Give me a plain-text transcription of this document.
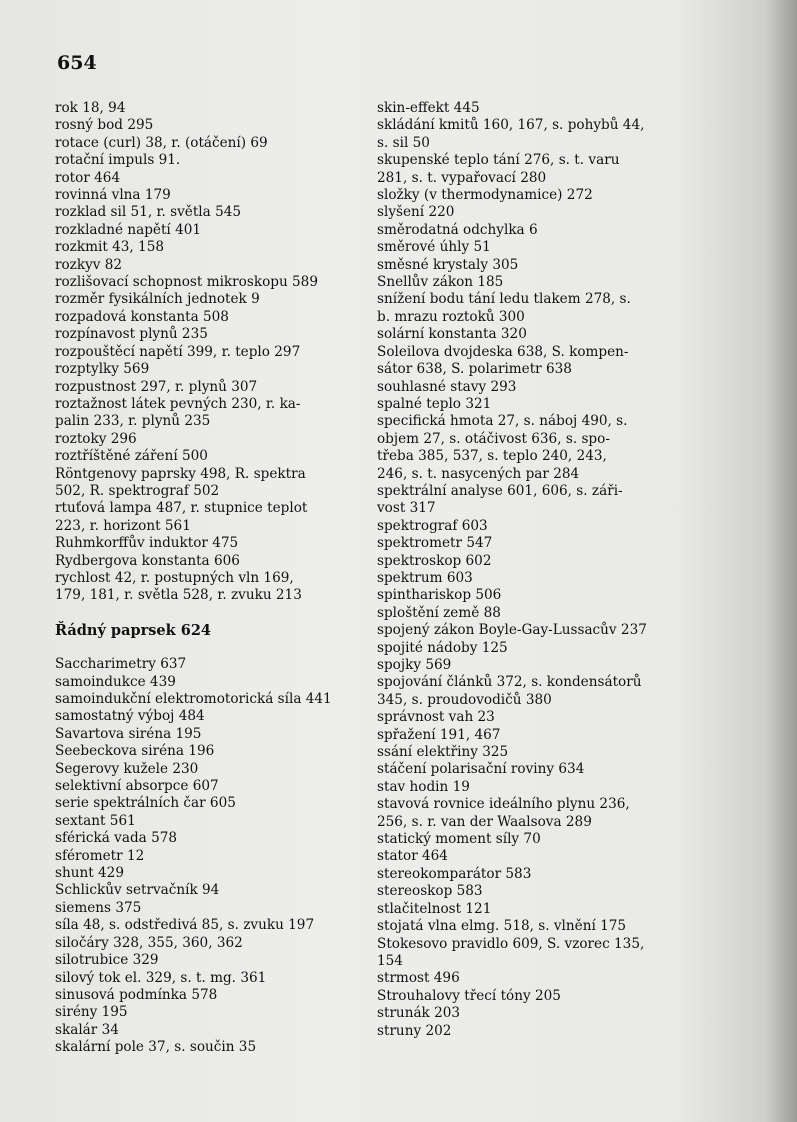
654
rok 18, 94
rosný bod 295
rotace (curl) 38, r. (otáčení) 69
rotační impuls 91.
rotor 464
rovinná vlna 179
rozklad sil 51, r. světla 545
rozkladné napětí 401
rozkmit 43, 158
rozkyv 82
rozlišovací schopnost mikroskopu 589
rozměr fysikálních jednotek 9
rozpadová konstanta 508
rozpínavost plynů 235
rozpouštěcí napětí 399, r. teplo 297
rozptylky 569
rozpustnost 297, r. plynů 307
roztažnost látek pevných 230, r. ka-
palin 233, r. plynů 235
roztoky 296
roztříštěné záření 500
Röntgenovy paprsky 498, R. spektra
502, R. spektrograf 502
rtuťová lampa 487, r. stupnice teplot
223, r. horizont 561
Ruhmkorffův induktor 475
Rydbergova konstanta 606
rychlost 42, r. postupných vln 169,
179, 181, r. světla 528, r. zvuku 213
Řádný paprsek 624
Saccharimetry 637
samoindukce 439
samoindukční elektromotorická síla 441
samostatný výboj 484
Savartova siréna 195
Seebeckova siréna 196
Segerovy kužele 230
selektivní absorpce 607
serie spektrálních čar 605
sextant 561
sférická vada 578
sférometr 12
shunt 429
Schlickův setrvačník 94
siemens 375
síla 48, s. odstředivá 85, s. zvuku 197
siločáry 328, 355, 360, 362
silotrubice 329
silový tok el. 329, s. t. mg. 361
sinusová podmínka 578
sirény 195
skalár 34
skalární pole 37, s. součin 35
skin-effekt 445
skládání kmitů 160, 167, s. pohybů 44,
s. sil 50
skupenské teplo tání 276, s. t. varu
281, s. t. vypařovací 280
složky (v thermodynamice) 272
slyšení 220
směrodatná odchylka 6
směrové úhly 51
směsné krystaly 305
Snellův zákon 185
snížení bodu tání ledu tlakem 278, s.
b. mrazu roztoků 300
solární konstanta 320
Soleilova dvojdeska 638, S. kompen-
sátor 638, S. polarimetr 638
souhlasné stavy 293
spalné teplo 321
specifická hmota 27, s. náboj 490, s.
objem 27, s. otáčivost 636, s. spo-
třeba 385, 537, s. teplo 240, 243,
246, s. t. nasycených par 284
spektrální analyse 601, 606, s. záři-
vost 317
spektrograf 603
spektrometr 547
spektroskop 602
spektrum 603
spinthariskop 506
sploštění země 88
spojený zákon Boyle-Gay-Lussacův 237
spojité nádoby 125
spojky 569
spojování článků 372, s. kondensátorů
345, s. proudovodičů 380
správnost vah 23
spřažení 191, 467
ssání elektřiny 325
stáčení polarisační roviny 634
stav hodin 19
stavová rovnice ideálního plynu 236,
256, s. r. van der Waalsova 289
statický moment síly 70
stator 464
stereokomparátor 583
stereoskop 583
stlačitelnost 121
stojatá vlna elmg. 518, s. vlnění 175
Stokesovo pravidlo 609, S. vzorec 135,
154
strmost 496
Strouhalovy třecí tóny 205
strunák 203
struny 202
